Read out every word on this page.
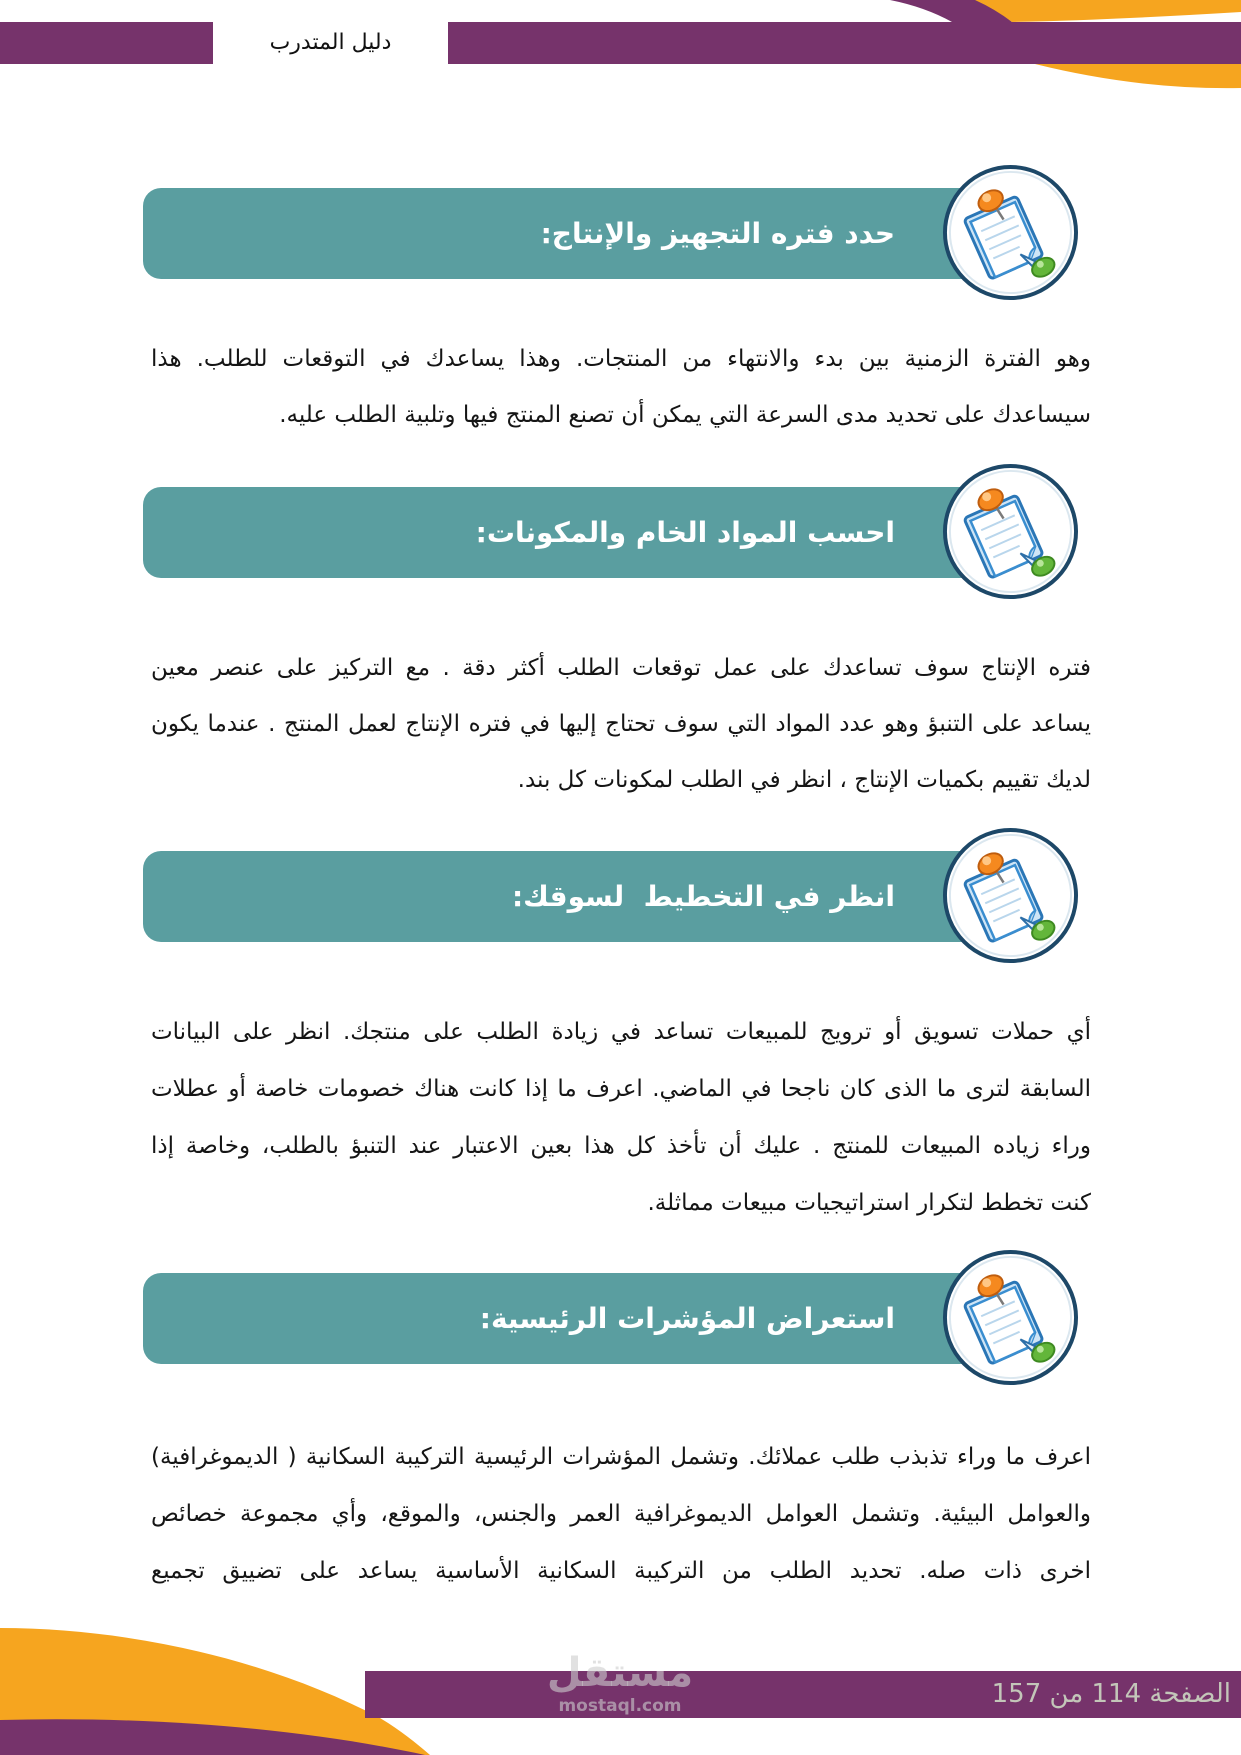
دليل المتدرب
حدد فتره التجهيز والإنتاج:
وهو الفترة الزمنية بين بدء والانتهاء من المنتجات. وهذا يساعدك في التوقعات للطلب. هذا
سيساعدك على تحديد مدى السرعة التي يمكن أن تصنع المنتج فيها وتلبية الطلب عليه.
احسب المواد الخام والمكونات:
فتره الإنتاج سوف تساعدك على عمل توقعات الطلب أكثر دقة . مع التركيز على عنصر معين
يساعد على التنبؤ وهو عدد المواد التي سوف تحتاج إليها في فتره الإنتاج لعمل المنتج . عندما يكون
لديك تقييم بكميات الإنتاج ، انظر في الطلب لمكونات كل بند.
انظر في التخطيط  لسوقك:
أي حملات تسويق أو ترويج للمبيعات تساعد في زيادة الطلب على منتجك. انظر على البيانات
السابقة لترى ما الذى كان ناجحا في الماضي. اعرف ما إذا كانت هناك خصومات خاصة أو عطلات
وراء زياده المبيعات للمنتج . عليك أن تأخذ كل هذا بعين الاعتبار عند التنبؤ بالطلب، وخاصة إذا
كنت تخطط لتكرار استراتيجيات مبيعات مماثلة.
استعراض المؤشرات الرئيسية:
اعرف ما وراء تذبذب طلب عملائك. وتشمل المؤشرات الرئيسية التركيبة السكانية ( الديموغرافية)
والعوامل البيئية. وتشمل العوامل الديموغرافية العمر والجنس، والموقع، وأي مجموعة خصائص
اخرى ذات صله. تحديد الطلب من التركيبة السكانية الأساسية يساعد على تضييق تجميع
مستقل
mostaql.com	الصفحة 114 من 157
